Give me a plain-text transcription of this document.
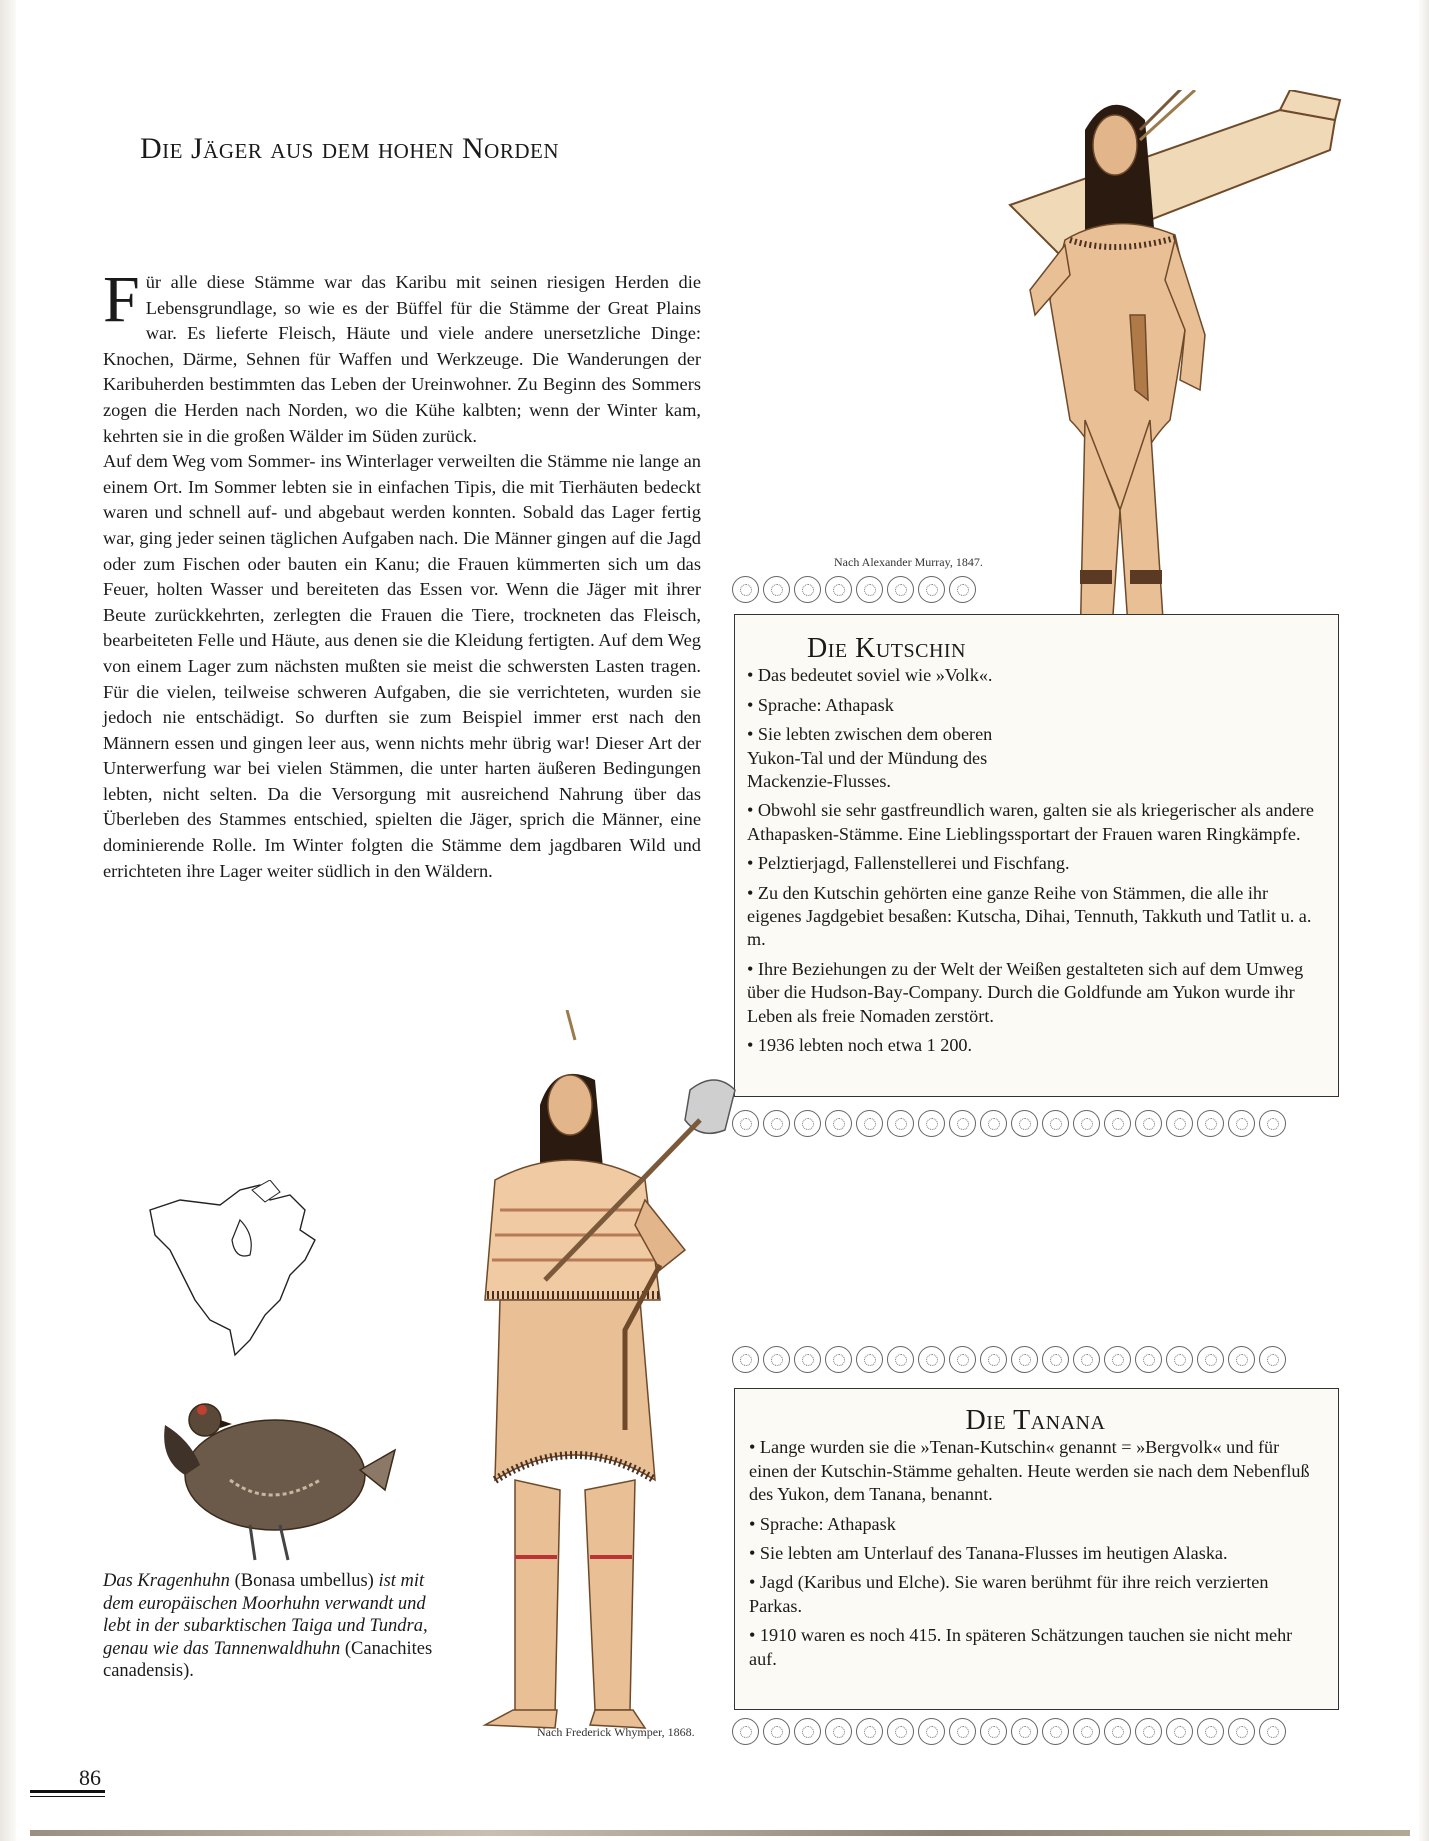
Die Jäger aus dem hohen Norden

Für alle diese Stämme war das Karibu mit seinen riesigen Herden die Lebensgrundlage, so wie es der Büffel für die Stämme der Great Plains war. Es lieferte Fleisch, Häute und viele andere unersetzliche Dinge: Knochen, Därme, Sehnen für Waffen und Werkzeuge. Die Wanderungen der Karibuherden bestimmten das Leben der Ureinwohner. Zu Beginn des Sommers zogen die Herden nach Norden, wo die Kühe kalbten; wenn der Winter kam, kehrten sie in die großen Wälder im Süden zurück.

Auf dem Weg vom Sommer- ins Winterlager verweilten die Stämme nie lange an einem Ort. Im Sommer lebten sie in einfachen Tipis, die mit Tierhäuten bedeckt waren und schnell auf- und abgebaut werden konnten. Sobald das Lager fertig war, ging jeder seinen täglichen Aufgaben nach. Die Männer gingen auf die Jagd oder zum Fischen oder bauten ein Kanu; die Frauen kümmerten sich um das Feuer, holten Wasser und bereiteten das Essen vor. Wenn die Jäger mit ihrer Beute zurückkehrten, zerlegten die Frauen die Tiere, trockneten das Fleisch, bearbeiteten Felle und Häute, aus denen sie die Kleidung fertigten. Auf dem Weg von einem Lager zum nächsten mußten sie meist die schwersten Lasten tragen. Für die vielen, teilweise schweren Aufgaben, die sie verrichteten, wurden sie jedoch nie entschädigt. So durften sie zum Beispiel immer erst nach den Männern essen und gingen leer aus, wenn nichts mehr übrig war! Dieser Art der Unterwerfung war bei vielen Stämmen, die unter harten äußeren Bedingungen lebten, nicht selten. Da die Versorgung mit ausreichend Nahrung über das Überleben des Stammes entschied, spielten die Jäger, sprich die Männer, eine dominierende Rolle. Im Winter folgten die Stämme dem jagdbaren Wild und errichteten ihre Lager weiter südlich in den Wäldern.

Nach Alexander Murray, 1847.
Die Kutschin

• Das bedeutet soviel wie »Volk«.

• Sprache: Athapask

• Sie lebten zwischen dem oberen Yukon-Tal und der Mündung des Mackenzie-Flusses.

• Obwohl sie sehr gastfreundlich waren, galten sie als kriegerischer als andere Athapasken-Stämme. Eine Lieblingssportart der Frauen waren Ringkämpfe.

• Pelztierjagd, Fallenstellerei und Fischfang.

• Zu den Kutschin gehörten eine ganze Reihe von Stämmen, die alle ihr eigenes Jagdgebiet besaßen: Kutscha, Dihai, Tennuth, Takkuth und Tatlit u. a. m.

• Ihre Beziehungen zu der Welt der Weißen gestalteten sich auf dem Umweg über die Hudson-Bay-Company. Durch die Goldfunde am Yukon wurde ihr Leben als freie Nomaden zerstört.

• 1936 lebten noch etwa 1 200.

Nach Frederick Whymper, 1868.
Das Kragenhuhn (Bonasa umbellus) ist mit dem europäischen Moorhuhn verwandt und lebt in der subarktischen Taiga und Tundra, genau wie das Tannenwaldhuhn (Canachites canadensis).
Die Tanana

• Lange wurden sie die »Tenan-Kutschin« genannt = »Bergvolk« und für einen der Kutschin-Stämme gehalten. Heute werden sie nach dem Nebenfluß des Yukon, dem Tanana, benannt.

• Sprache: Athapask

• Sie lebten am Unterlauf des Tanana-Flusses im heutigen Alaska.

• Jagd (Karibus und Elche). Sie waren berühmt für ihre reich verzierten Parkas.

• 1910 waren es noch 415. In späteren Schätzungen tauchen sie nicht mehr auf.

86
